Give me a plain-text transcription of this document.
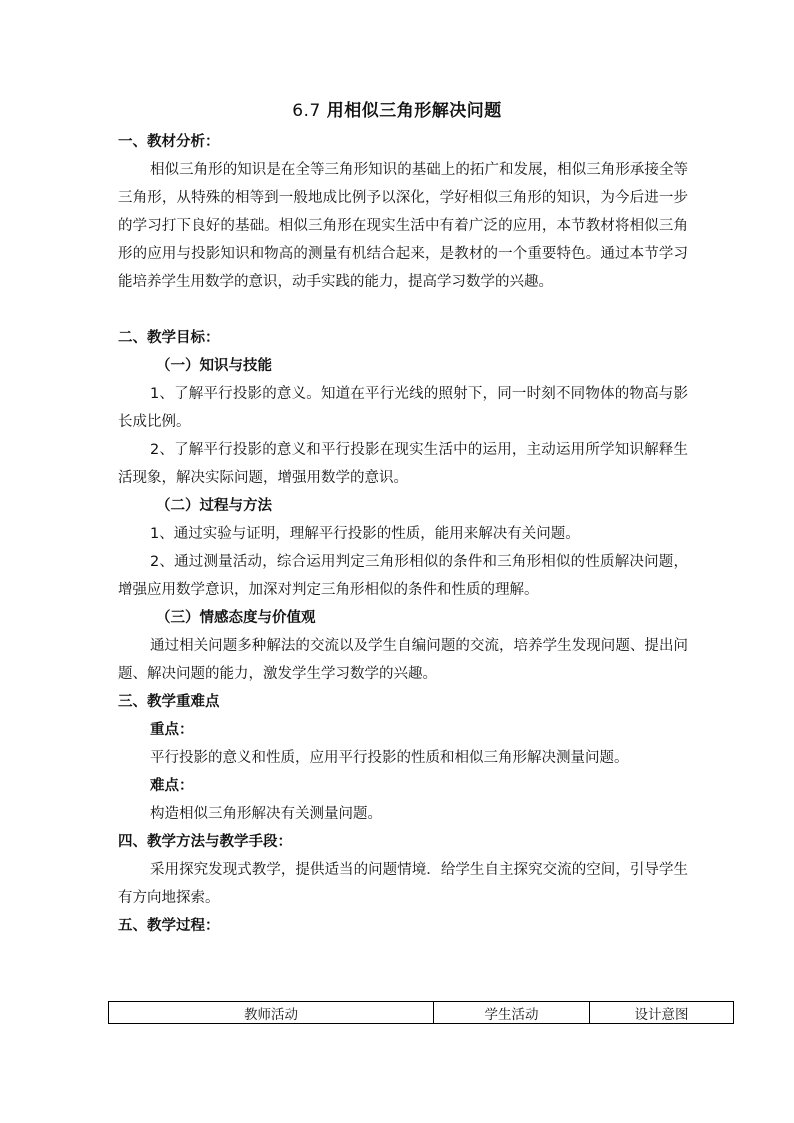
6.7 用相似三角形解决问题
一、教材分析：
相似三角形的知识是在全等三角形知识的基础上的拓广和发展，相似三角形承接全等三角形，从特殊的相等到一般地成比例予以深化，学好相似三角形的知识，为今后进一步的学习打下良好的基础。相似三角形在现实生活中有着广泛的应用，本节教材将相似三角形的应用与投影知识和物高的测量有机结合起来，是教材的一个重要特色。通过本节学习能培养学生用数学的意识，动手实践的能力，提高学习数学的兴趣。
二、教学目标：
（一）知识与技能
1、了解平行投影的意义。知道在平行光线的照射下，同一时刻不同物体的物高与影长成比例。
2、了解平行投影的意义和平行投影在现实生活中的运用，主动运用所学知识解释生活现象，解决实际问题，增强用数学的意识。
（二）过程与方法
1、通过实验与证明，理解平行投影的性质，能用来解决有关问题。
2、通过测量活动，综合运用判定三角形相似的条件和三角形相似的性质解决问题，增强应用数学意识，加深对判定三角形相似的条件和性质的理解。
（三）情感态度与价值观
通过相关问题多种解法的交流以及学生自编问题的交流，培养学生发现问题、提出问题、解决问题的能力，激发学生学习数学的兴趣。
三、教学重难点
重点：
平行投影的意义和性质，应用平行投影的性质和相似三角形解决测量问题。
难点：
构造相似三角形解决有关测量问题。
四、教学方法与教学手段：
采用探究发现式教学，提供适当的问题情境．给学生自主探究交流的空间，引导学生有方向地探索。
五、教学过程：
教师活动	学生活动	设计意图
